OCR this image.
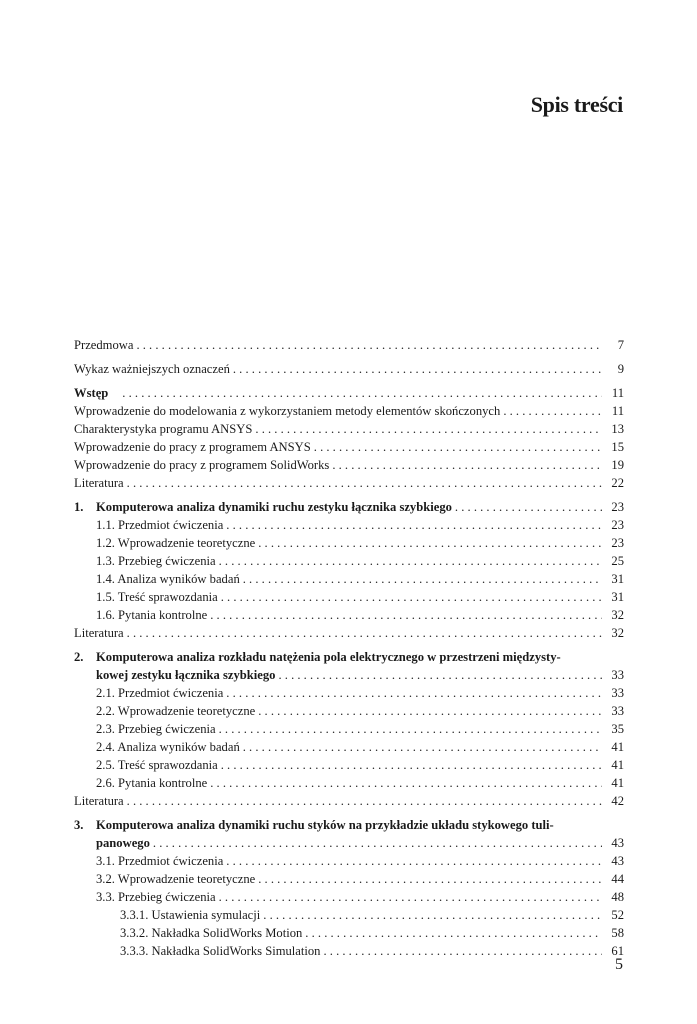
Spis treści
Przedmowa . . .	7
Wykaz ważniejszych oznaczeń . . .	9
Wstęp . . .	11
Wprowadzenie do modelowania z wykorzystaniem metody elementów skończonych . . .	11
Charakterystyka programu ANSYS . . .	13
Wprowadzenie do pracy z programem ANSYS . . .	15
Wprowadzenie do pracy z programem SolidWorks . . .	19
Literatura . . .	22
1. Komputerowa analiza dynamiki ruchu zestyku łącznika szybkiego . . .	23
1.1. Przedmiot ćwiczenia . . .	23
1.2. Wprowadzenie teoretyczne . . .	23
1.3. Przebieg ćwiczenia . . .	25
1.4. Analiza wyników badań . . .	31
1.5. Treść sprawozdania . . .	31
1.6. Pytania kontrolne . . .	32
Literatura . . .	32
2. Komputerowa analiza rozkładu natężenia pola elektrycznego w przestrzeni międzysty-
kowej zestyku łącznika szybkiego . . .	33
2.1. Przedmiot ćwiczenia . . .	33
2.2. Wprowadzenie teoretyczne . . .	33
2.3. Przebieg ćwiczenia . . .	35
2.4. Analiza wyników badań . . .	41
2.5. Treść sprawozdania . . .	41
2.6. Pytania kontrolne . . .	41
Literatura . . .	42
3. Komputerowa analiza dynamiki ruchu styków na przykładzie układu stykowego tuli-
panowego . . .	43
3.1. Przedmiot ćwiczenia . . .	43
3.2. Wprowadzenie teoretyczne . . .	44
3.3. Przebieg ćwiczenia . . .	48
3.3.1. Ustawienia symulacji . . .	52
3.3.2. Nakładka SolidWorks Motion . . .	58
3.3.3. Nakładka SolidWorks Simulation . . .	61
5
